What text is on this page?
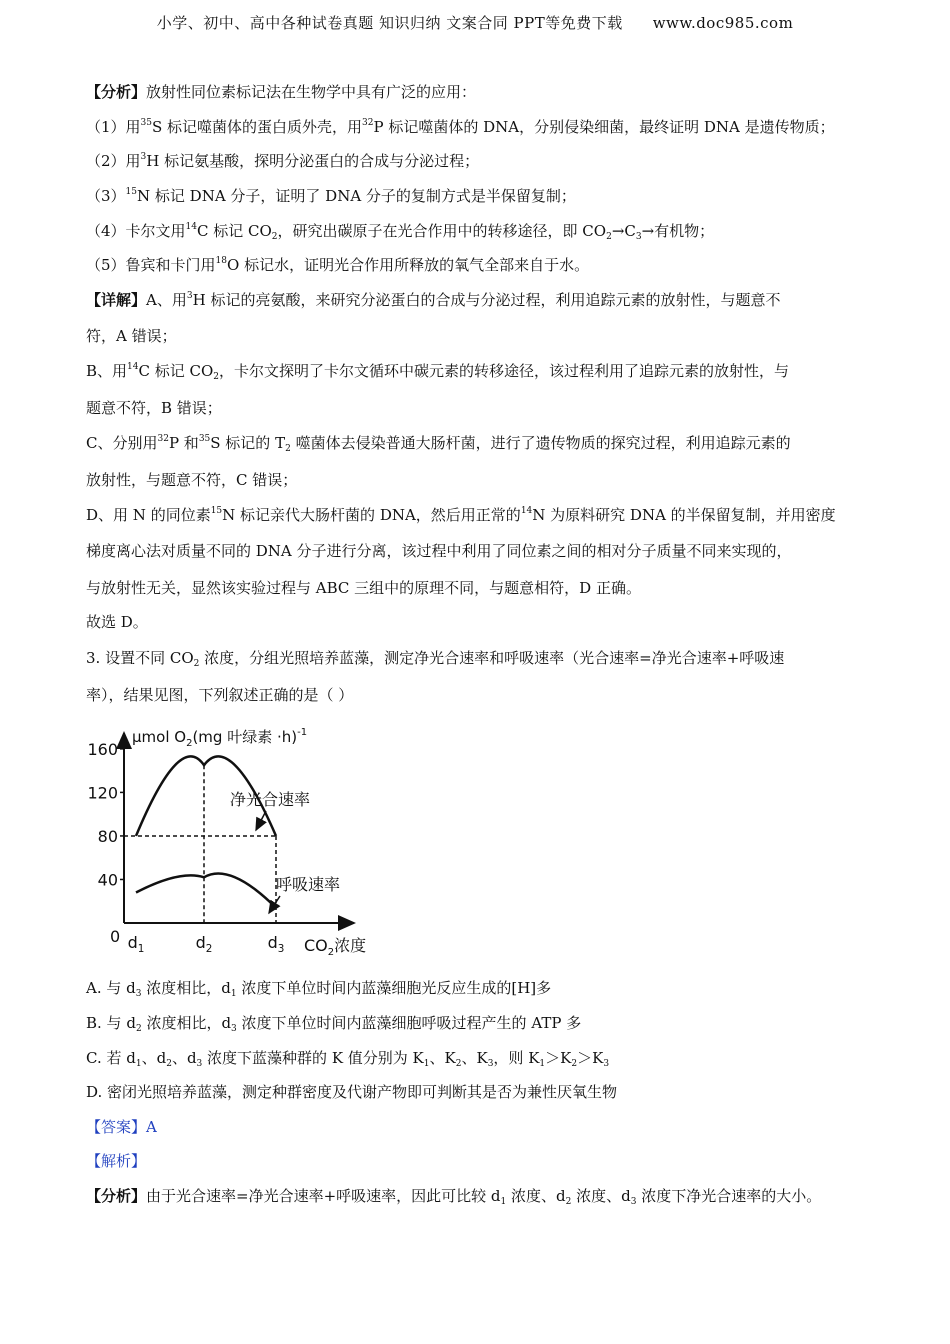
小学、初中、高中各种试卷真题 知识归纳 文案合同 PPT等免费下载 www.doc985.com
【分析】放射性同位素标记法在生物学中具有广泛的应用：
（1）用$^{35}$S 标记噬菌体的蛋白质外壳，用$^{32}$P 标记噬菌体的 DNA，分别侵染细菌，最终证明 DNA 是遗传物质；
（2）用$^3$H 标记氨基酸，探明分泌蛋白的合成与分泌过程；
$(3)^{15}N$ 标记 DNA 分子，证明了 DNA 分子的复制方式是半保留复制；
（4）卡尔文用$^{14}$C 标记 $CO_2$，研究出碳原子在光合作用中的转移途径，即 $CO_2\to C_3\to$有机物；
（5）鲁宾和卡门用$^{18}$O 标记水，证明光合作用所释放的氧气全部来自于水。
【详解】A、用$^3$H 标记的亮氨酸，来研究分泌蛋白的合成与分泌过程，利用追踪元素的放射性，与题意不
符，A 错误；
B、用$^{14}$C 标记 $CO_2$，卡尔文探明了卡尔文循环中碳元素的转移途径，该过程利用了追踪元素的放射性，与
题意不符，B 错误；
C、分别用$^{32}$P 和$^{35}$S 标记的 $T_2$ 噬菌体去侵染普通大肠杆菌，进行了遗传物质的探究过程，利用追踪元素的
放射性，与题意不符，C 错误；
D、用 N 的同位素$^{15}$N 标记亲代大肠杆菌的 DNA，然后用正常的$^{14}$N 为原料研究 DNA 的半保留复制，并用密度
梯度离心法对质量不同的 DNA 分子进行分离，该过程中利用了同位素之间的相对分子质量不同来实现的，
与放射性无关，显然该实验过程与 ABC 三组中的原理不同，与题意相符，D 正确。
故选 D。
3. 设置不同 $CO_2$ 浓度，分组光照培养蓝藻，测定净光合速率和呼吸速率（光合速率=净光合速率+呼吸速
率），结果见图，下列叙述正确的是（ ）
A. 与 $d_3$ 浓度相比，$d_1$ 浓度下单位时间内蓝藻细胞光反应生成的[H]多
B. 与 $d_2$ 浓度相比，$d_3$ 浓度下单位时间内蓝藻细胞呼吸过程产生的 ATP 多
C. 若 $d_1$、$d_2$、$d_3$ 浓度下蓝藻种群的 K 值分别为 $K_1$、$K_2$、$K_3$，则 $K_1>K_2>K_3$
D. 密闭光照培养蓝藻，测定种群密度及代谢产物即可判断其是否为兼性厌氧生物
【答案】A
【解析】
【分析】由于光合速率=净光合速率+呼吸速率，因此可比较 $d_1$ 浓度、$d_2$ 浓度、$d_3$ 浓度下净光合速率的大小。
μmol $O_2(mg$ 叶绿素 ·h)$^{-1}$
40
80
120
160
0 $d_1$	$d_2$	$d_3$ $CO_2$浓度
净光合速率
呼吸速率
